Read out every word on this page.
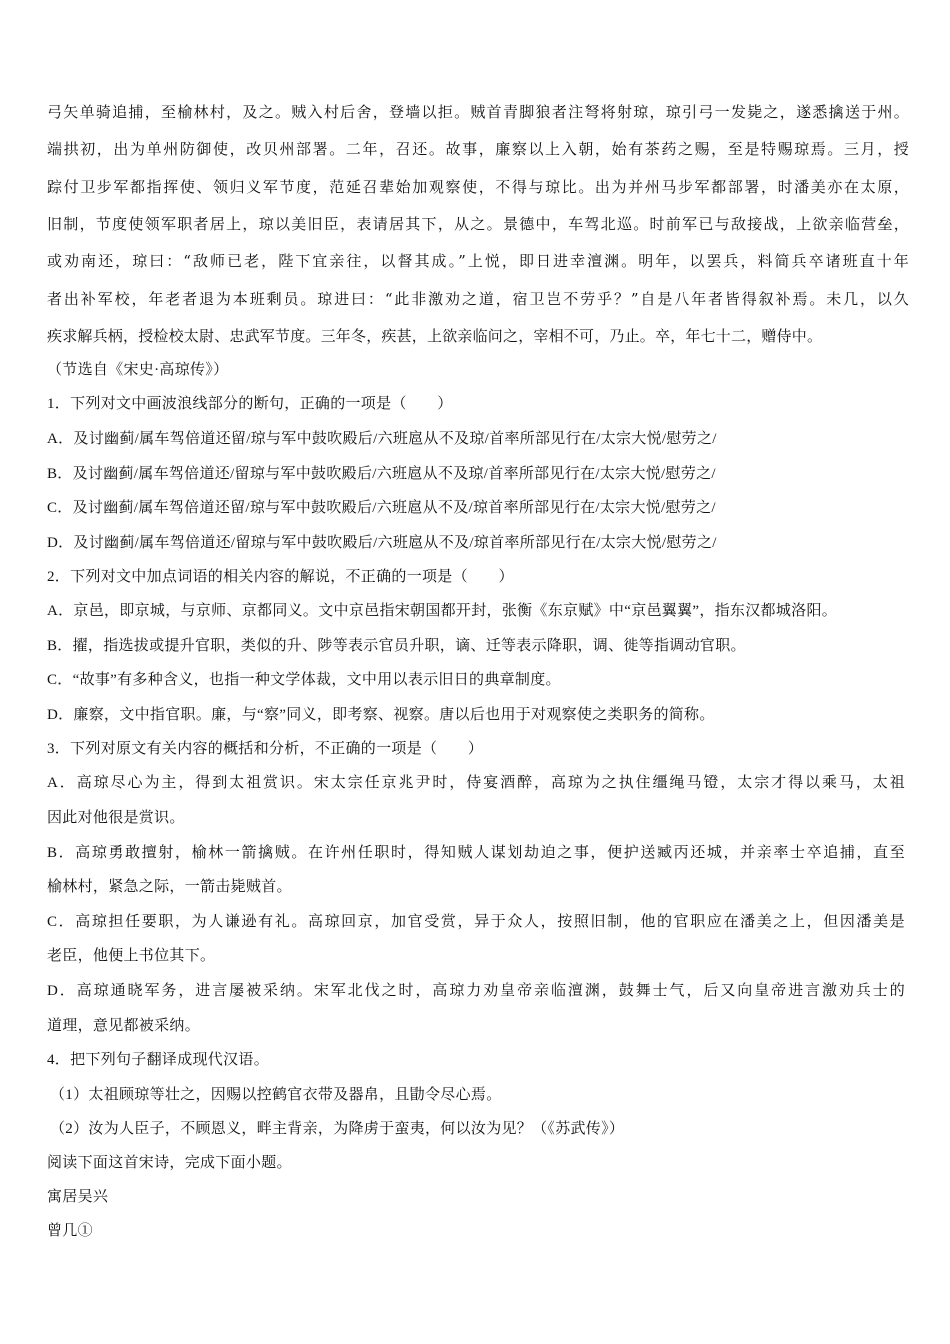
弓矢单骑追捕，至榆林村，及之。贼入村后舍，登墙以拒。贼首青脚狼者注弩将射琼，琼引弓一发毙之，遂悉擒送于州。
端拱初，出为单州防御使，改贝州部署。二年，召还。故事，廉察以上入朝，始有茶药之赐，至是特赐琼焉。三月，授
踪付卫步军都指挥使、领归义军节度，范延召辈始加观察使，不得与琼比。出为并州马步军都部署，时潘美亦在太原，
旧制，节度使领军职者居上，琼以美旧臣，表请居其下，从之。景德中，车驾北巡。时前军已与敌接战，上欲亲临营垒，
或劝南还，琼曰：“敌师已老，陛下宜亲往，以督其成。”上悦，即日进幸澶渊。明年，以罢兵，料简兵卒诸班直十年
者出补军校，年老者退为本班剩员。琼进曰：“此非激劝之道，宿卫岂不劳乎？”自是八年者皆得叙补焉。未几，以久
疾求解兵柄，授检校太尉、忠武军节度。三年冬，疾甚，上欲亲临问之，宰相不可，乃止。卒，年七十二，赠侍中。
（节选自《宋史·高琼传》）
1．下列对文中画波浪线部分的断句，正确的一项是（　　）
A．及讨幽蓟/属车驾倍道还留/琼与军中鼓吹殿后/六班扈从不及琼/首率所部见行在/太宗大悦/慰劳之/
B．及讨幽蓟/属车驾倍道还/留琼与军中鼓吹殿后/六班扈从不及琼/首率所部见行在/太宗大悦/慰劳之/
C．及讨幽蓟/属车驾倍道还留/琼与军中鼓吹殿后/六班扈从不及/琼首率所部见行在/太宗大悦/慰劳之/
D．及讨幽蓟/属车驾倍道还/留琼与军中鼓吹殿后/六班扈从不及/琼首率所部见行在/太宗大悦/慰劳之/
2．下列对文中加点词语的相关内容的解说，不正确的一项是（　　）
A．京邑，即京城，与京师、京都同义。文中京邑指宋朝国都开封，张衡《东京赋》中“京邑翼翼”，指东汉都城洛阳。
B．擢，指选拔或提升官职，类似的升、陟等表示官员升职，谪、迁等表示降职，调、徙等指调动官职。
C．“故事”有多种含义，也指一种文学体裁，文中用以表示旧日的典章制度。
D．廉察，文中指官职。廉，与“察”同义，即考察、视察。唐以后也用于对观察使之类职务的简称。
3．下列对原文有关内容的概括和分析，不正确的一项是（　　）
A．高琼尽心为主，得到太祖赏识。宋太宗任京兆尹时，侍宴酒醉，高琼为之执住缰绳马镫，太宗才得以乘马，太祖
因此对他很是赏识。
B．高琼勇敢擅射，榆林一箭擒贼。在许州任职时，得知贼人谋划劫迫之事，便护送臧丙还城，并亲率士卒追捕，直至
榆林村，紧急之际，一箭击毙贼首。
C．高琼担任要职，为人谦逊有礼。高琼回京，加官受赏，异于众人，按照旧制，他的官职应在潘美之上，但因潘美是
老臣，他便上书位其下。
D．高琼通晓军务，进言屡被采纳。宋军北伐之时，高琼力劝皇帝亲临澶渊，鼓舞士气，后又向皇帝进言激劝兵士的
道理，意见都被采纳。
4．把下列句子翻译成现代汉语。
（1）太祖顾琼等壮之，因赐以控鹤官衣带及器帛，且勖令尽心焉。
（2）汝为人臣子，不顾恩义，畔主背亲，为降虏于蛮夷，何以汝为见？（《苏武传》）
阅读下面这首宋诗，完成下面小题。
寓居吴兴
曾几①
